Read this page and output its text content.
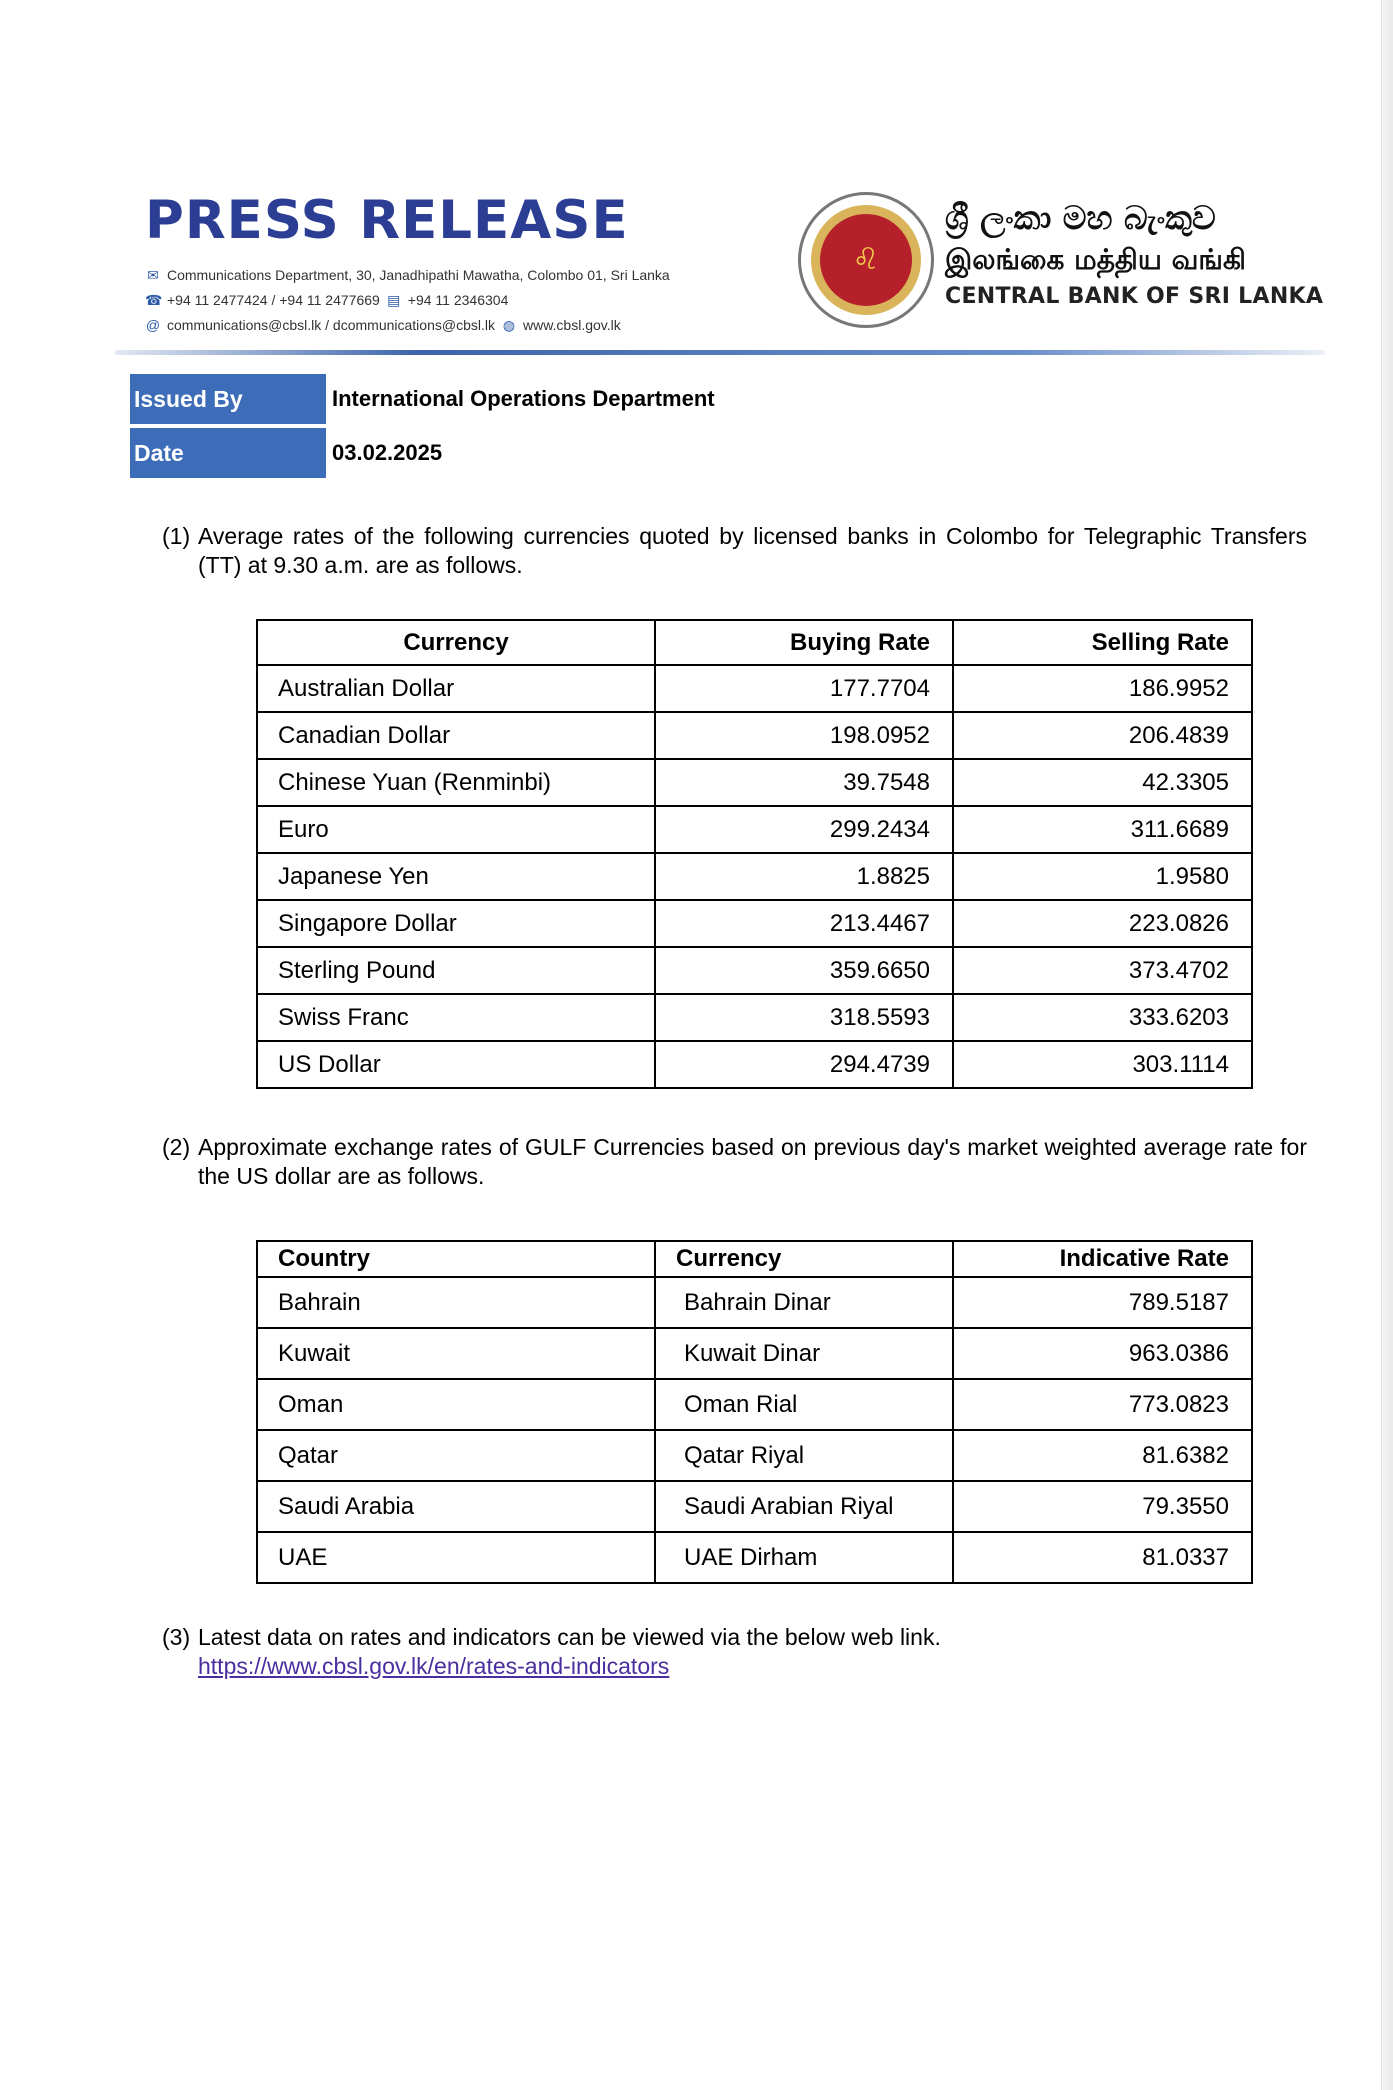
PRESS RELEASE
✉ Communications Department, 30, Janadhipathi Mawatha, Colombo 01, Sri Lanka
☎ +94 11 2477424 / +94 11 2477669 ▤ +94 11 2346304
@ communications@cbsl.lk / dcommunications@cbsl.lk ◍ www.cbsl.gov.lk
♌
ශ්‍රී ලංකා මහ බැංකුව
இலங்கை மத்திய வங்கி
CENTRAL BANK OF SRI LANKA
Issued By	International Operations Department
Date	03.02.2025
(1) Average rates of the following currencies quoted by licensed banks in Colombo for Telegraphic Transfers (TT) at 9.30 a.m. are as follows.
Currency	Buying Rate	Selling Rate
Australian Dollar	177.7704	186.9952
Canadian Dollar	198.0952	206.4839
Chinese Yuan (Renminbi)	39.7548	42.3305
Euro	299.2434	311.6689
Japanese Yen	1.8825	1.9580
Singapore Dollar	213.4467	223.0826
Sterling Pound	359.6650	373.4702
Swiss Franc	318.5593	333.6203
US Dollar	294.4739	303.1114
(2) Approximate exchange rates of GULF Currencies based on previous day's market weighted average rate for the US dollar are as follows.
Country	Currency	Indicative Rate
Bahrain	Bahrain Dinar	789.5187
Kuwait	Kuwait Dinar	963.0386
Oman	Oman Rial	773.0823
Qatar	Qatar Riyal	81.6382
Saudi Arabia	Saudi Arabian Riyal	79.3550
UAE	UAE Dirham	81.0337
(3) Latest data on rates and indicators can be viewed via the below web link.
https://www.cbsl.gov.lk/en/rates-and-indicators
